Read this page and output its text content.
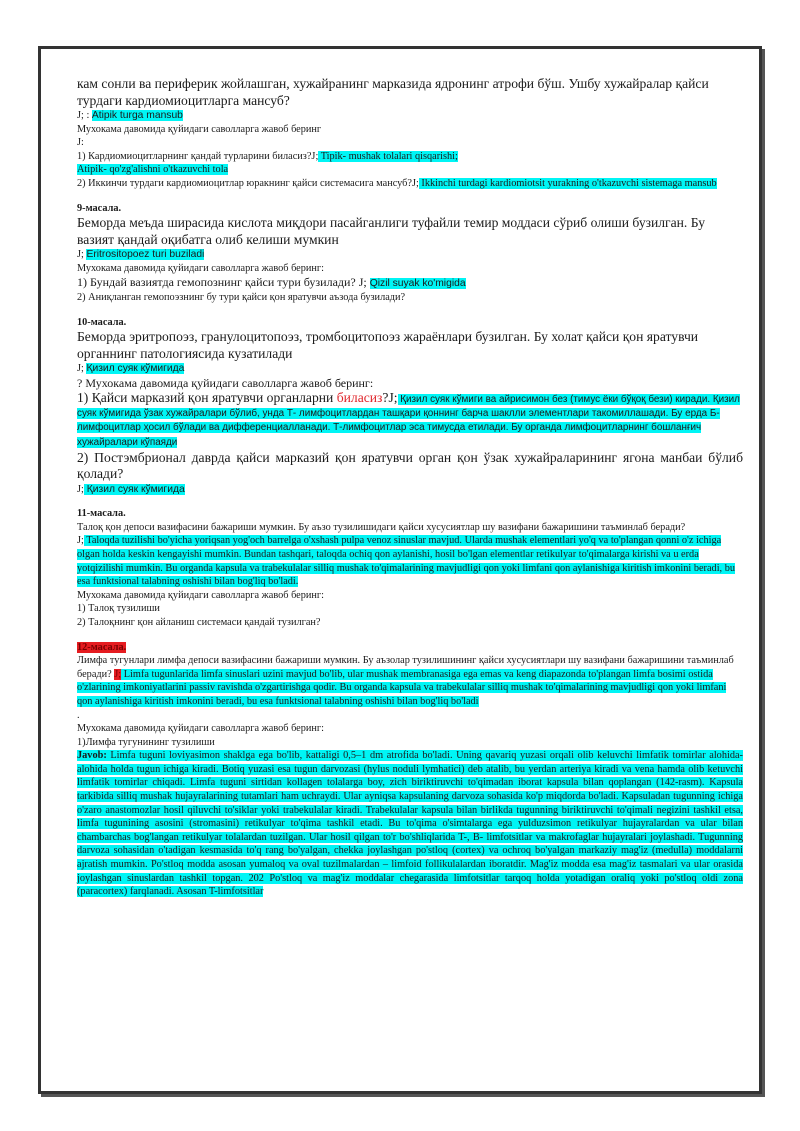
кам сонли ва периферик жойлашган, хужайранинг марказида ядронинг атрофи бўш. Ушбу хужайралар қайси турдаги кардиомиоцитларга мансуб?

J; : Atipik turga mansub

Мухокама давомида қуйидаги саволларга жавоб беринг

J:

1) Кардиомиоцитларнинг қандай турларини биласиз?J; Tipik- mushak tolalari qisqarishi;

Atipik- qo'zg'alishni o'tkazuvchi tola

2) Иккинчи турдаги кардиомиоцитлар юракнинг қайси системасига мансуб?J; Ikkinchi turdagi kardiomiotsit yurakning o'tkazuvchi sistemaga mansub

9-масала.

Беморда меъда ширасида кислота миқдори пасайганлиги туфайли темир моддаси сўриб олиши бузилган. Бу вазият қандай оқибатга олиб келиши мумкин

J; Eritrositopoez turi buziladi

Мухокама давомида қуйидаги саволларга жавоб беринг:

1) Бундай вазиятда гемопознинг қайси тури бузилади? J; Qizil suyak ko'migida

2) Аниқланган гемопоэзнинг бу тури қайси қон яратувчи аъзода бузилади?

10-масала.

Беморда эритропоэз, гранулоцитопоэз, тромбоцитопоэз жараёнлари бузилган. Бу холат қайси қон яратувчи органнинг патологиясида кузатилади

J; Қизил суяк кўмигида

? Мухокама давомида қуйидаги саволларга жавоб беринг:

1) Қайси марказий қон яратувчи органларни биласиз?J; Қизил суяк кўмиги ва айрисимон без (тимус ёки бўқоқ бези) киради. Қизил суяк кўмигида ўзак хужайралари бўлиб, унда Т- лимфоцитлардан ташқари қоннинг барча шаклли элементлари такомиллашади. Бу ерда Б-лимфоцитлар ҳосил бўлади ва дифференциалланади. Т-лимфоцитлар эса тимусда етилади. Бу органда лимфоцитларнинг бошланғич хужайралари кўпаяди

2) Постэмбрионал даврда қайси марказий қон яратувчи орган қон ўзак хужайраларининг ягона манбаи бўлиб қолади?

J; Қизил суяк кўмигида

11-масала.

Талоқ қон депоси вазифасини бажариши мумкин. Бу аъзо тузилишидаги қайси хусусиятлар шу вазифани бажаришини таъминлаб беради?

J; Taloqda tuzilishi bo'yicha yoriqsan yog'och barrelga o'xshash pulpa venoz sinuslar mavjud. Ularda mushak elementlari yo'q va to'plangan qonni o'z ichiga olgan holda keskin kengayishi mumkin. Bundan tashqari, taloqda ochiq qon aylanishi, hosil bo'lgan elementlar retikulyar to'qimalarga kirishi va u erda yotqizilishi mumkin. Bu organda kapsula va trabekulalar silliq mushak to'qimalarining mavjudligi qon yoki limfani qon aylanishiga kiritish imkonini beradi, bu esa funktsional talabning oshishi bilan bog'liq bo'ladi.

Мухокама давомида қуйидаги саволларга жавоб беринг:

1) Талоқ тузилиши

2) Талоқнинг қон айланиш системаси қандай тузилган?

12-масала.

Лимфа тугунлари лимфа депоси вазифасини бажариши мумкин. Бу аъзолар тузилишининг қайси хусусиятлари шу вазифани бажаришини таъминлаб беради? J; Limfa tugunlarida limfa sinuslari uzini mavjud bo'lib, ular mushak membranasiga ega emas va keng diapazonda to'plangan limfa bosimi ostida o'zlarining imkoniyatlarini passiv ravishda o'zgartirishga qodir. Bu organda kapsula va trabekulalar silliq mushak to'qimalarining mavjudligi qon yoki limfani qon aylanishiga kiritish imkonini beradi, bu esa funktsional talabning oshishi bilan bog'liq bo'ladi

.

Мухокама давомида қуйидаги саволларга жавоб беринг:

1)Лимфа тугунининг тузилиши

Javob: Limfa tuguni loviyasimon shaklga ega bo'lib, kattaligi 0,5–1 dm atrofida bo'ladi. Uning qavariq yuzasi orqali olib keluvchi limfatik tomirlar alohida-alohida holda tugun ichiga kiradi. Botiq yuzasi esa tugun darvozasi (hylus noduli lymhatici) deb atalib, bu yerdan arteriya kiradi va vena hamda olib ketuvchi limfatik tomirlar chiqadi. Limfa tuguni sirtidan kollagen tolalarga boy, zich biriktiruvchi to'qimadan iborat kapsula bilan qoplangan (142-rasm). Kapsula tarkibida silliq mushak hujayralarining tutamlari ham uchraydi. Ular ayniqsa kapsulaning darvoza sohasida ko'p miqdorda bo'ladi. Kapsuladan tugunning ichiga o'zaro anastomozlar hosil qiluvchi to'siklar yoki trabekulalar kiradi. Trabekulalar kapsula bilan birlikda tugunning biriktiruvchi to'qimali negizini tashkil etsa, limfa tugunining asosini (stromasini) retikulyar to'qima tashkil etadi. Bu to'qima o'simtalarga ega yulduzsimon retikulyar hujayralardan va ular bilan chambarchas bog'langan retikulyar tolalardan tuzilgan. Ular hosil qilgan to'r bo'shliqlarida T-, B- limfotsitlar va makrofaglar hujayralari joylashadi. Tugunning darvoza sohasidan o'tadigan kesmasida to'q rang bo'yalgan, chekka joylashgan po'stloq (cortex) va ochroq bo'yalgan markaziy mag'iz (medulla) moddalarni ajratish mumkin. Po'stloq modda asosan yumaloq va oval tuzilmalardan – limfoid follikulalardan iboratdir. Mag'iz modda esa mag'iz tasmalari va ular orasida joylashgan sinuslardan tashkil topgan. 202 Po'stloq va mag'iz moddalar chegarasida limfotsitlar tarqoq holda yotadigan oraliq yoki po'stloq oldi zona (paracortex) farqlanadi. Asosan T-limfotsitlar
